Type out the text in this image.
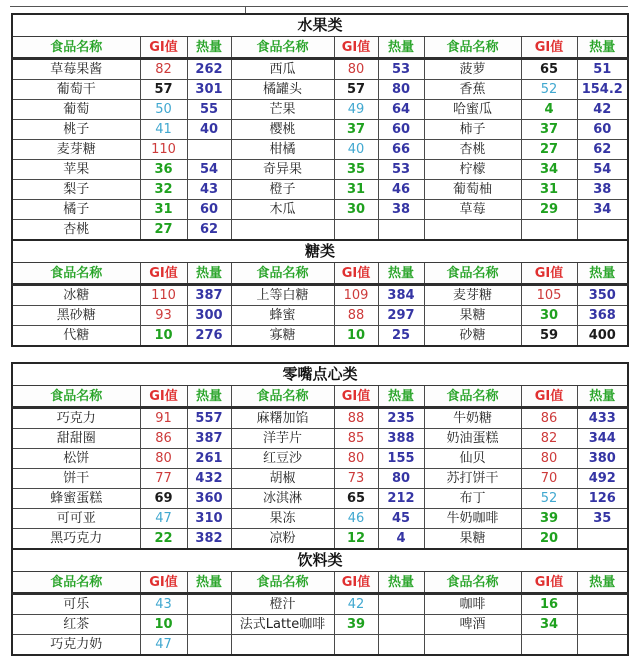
水果类								
食品名称	GI值	热量	食品名称	GI值	热量	食品名称	GI值	热量
草莓果酱	82	262	西瓜	80	53	菠萝	65	51
葡萄干	57	301	橘罐头	57	80	香蕉	52	154.2
葡萄	50	55	芒果	49	64	哈蜜瓜	4	42
桃子	41	40	樱桃	37	60	柿子	37	60
麦芽糖	110		柑橘	40	66	杏桃	27	62
苹果	36	54	奇异果	35	53	柠檬	34	54
梨子	32	43	橙子	31	46	葡萄柚	31	38
橘子	31	60	木瓜	30	38	草莓	29	34
杏桃	27	62						
糖类								
食品名称	GI值	热量	食品名称	GI值	热量	食品名称	GI值	热量
冰糖	110	387	上等白糖	109	384	麦芽糖	105	350
黑砂糖	93	300	蜂蜜	88	297	果糖	30	368
代糖	10	276	寡糖	10	25	砂糖	59	400
零嘴点心类								
食品名称	GI值	热量	食品名称	GI值	热量	食品名称	GI值	热量
巧克力	91	557	麻糬加馅	88	235	牛奶糖	86	433
甜甜圈	86	387	洋芋片	85	388	奶油蛋糕	82	344
松饼	80	261	红豆沙	80	155	仙贝	80	380
饼干	77	432	胡椒	73	80	苏打饼干	70	492
蜂蜜蛋糕	69	360	冰淇淋	65	212	布丁	52	126
可可亚	47	310	果冻	46	45	牛奶咖啡	39	35
黑巧克力	22	382	凉粉	12	4	果糖	20	
饮料类								
食品名称	GI值	热量	食品名称	GI值	热量	食品名称	GI值	热量
可乐	43		橙汁	42		咖啡	16	
红茶	10		法式Latte咖啡	39		啤酒	34	
巧克力奶	47							
